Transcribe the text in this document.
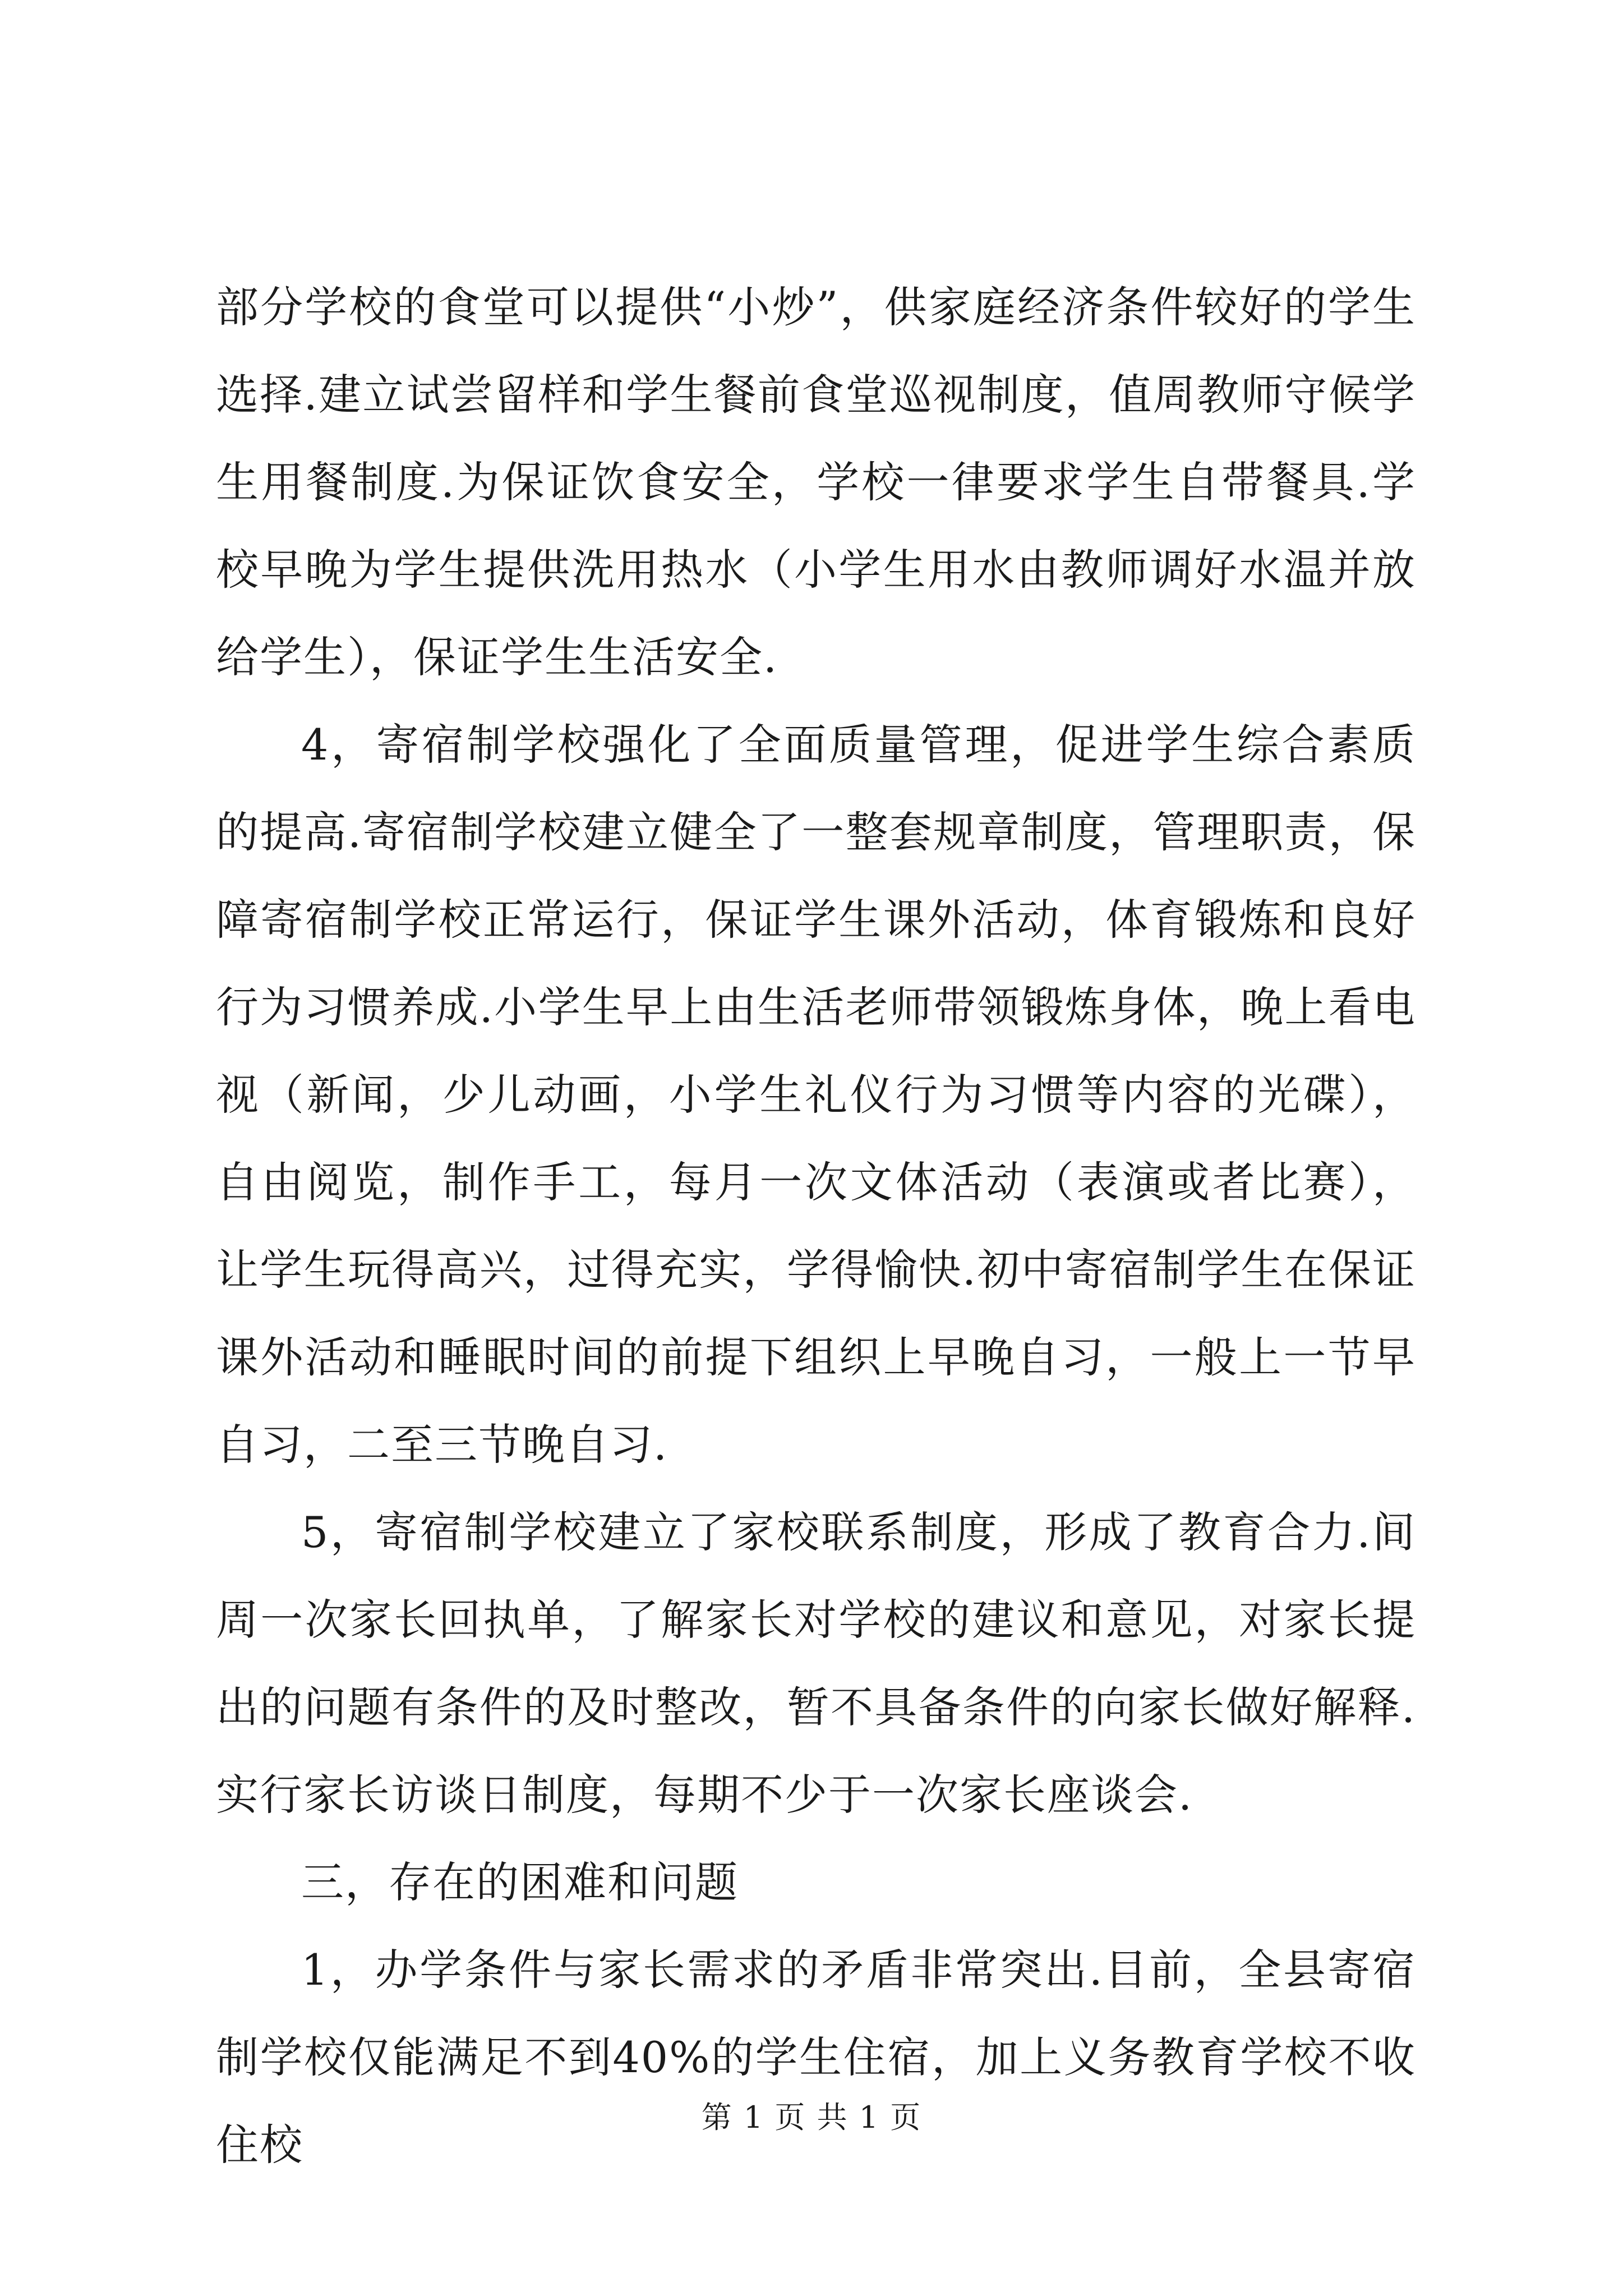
部分学校的食堂可以提供“小炒”，供家庭经济条件较好的学生选择.建立试尝留样和学生餐前食堂巡视制度，值周教师守候学生用餐制度.为保证饮食安全，学校一律要求学生自带餐具.学校早晚为学生提供洗用热水（小学生用水由教师调好水温并放给学生），保证学生生活安全.

4，寄宿制学校强化了全面质量管理，促进学生综合素质的提高.寄宿制学校建立健全了一整套规章制度，管理职责，保障寄宿制学校正常运行，保证学生课外活动，体育锻炼和良好行为习惯养成.小学生早上由生活老师带领锻炼身体，晚上看电视（新闻，少儿动画，小学生礼仪行为习惯等内容的光碟），自由阅览，制作手工，每月一次文体活动（表演或者比赛），让学生玩得高兴，过得充实，学得愉快.初中寄宿制学生在保证课外活动和睡眠时间的前提下组织上早晚自习，一般上一节早自习，二至三节晚自习.

5，寄宿制学校建立了家校联系制度，形成了教育合力.间周一次家长回执单，了解家长对学校的建议和意见，对家长提出的问题有条件的及时整改，暂不具备条件的向家长做好解释.实行家长访谈日制度，每期不少于一次家长座谈会.

三，存在的困难和问题

1，办学条件与家长需求的矛盾非常突出.目前，全县寄宿制学校仅能满足不到40%的学生住宿，加上义务教育学校不收住校

第 1 页 共 1 页
